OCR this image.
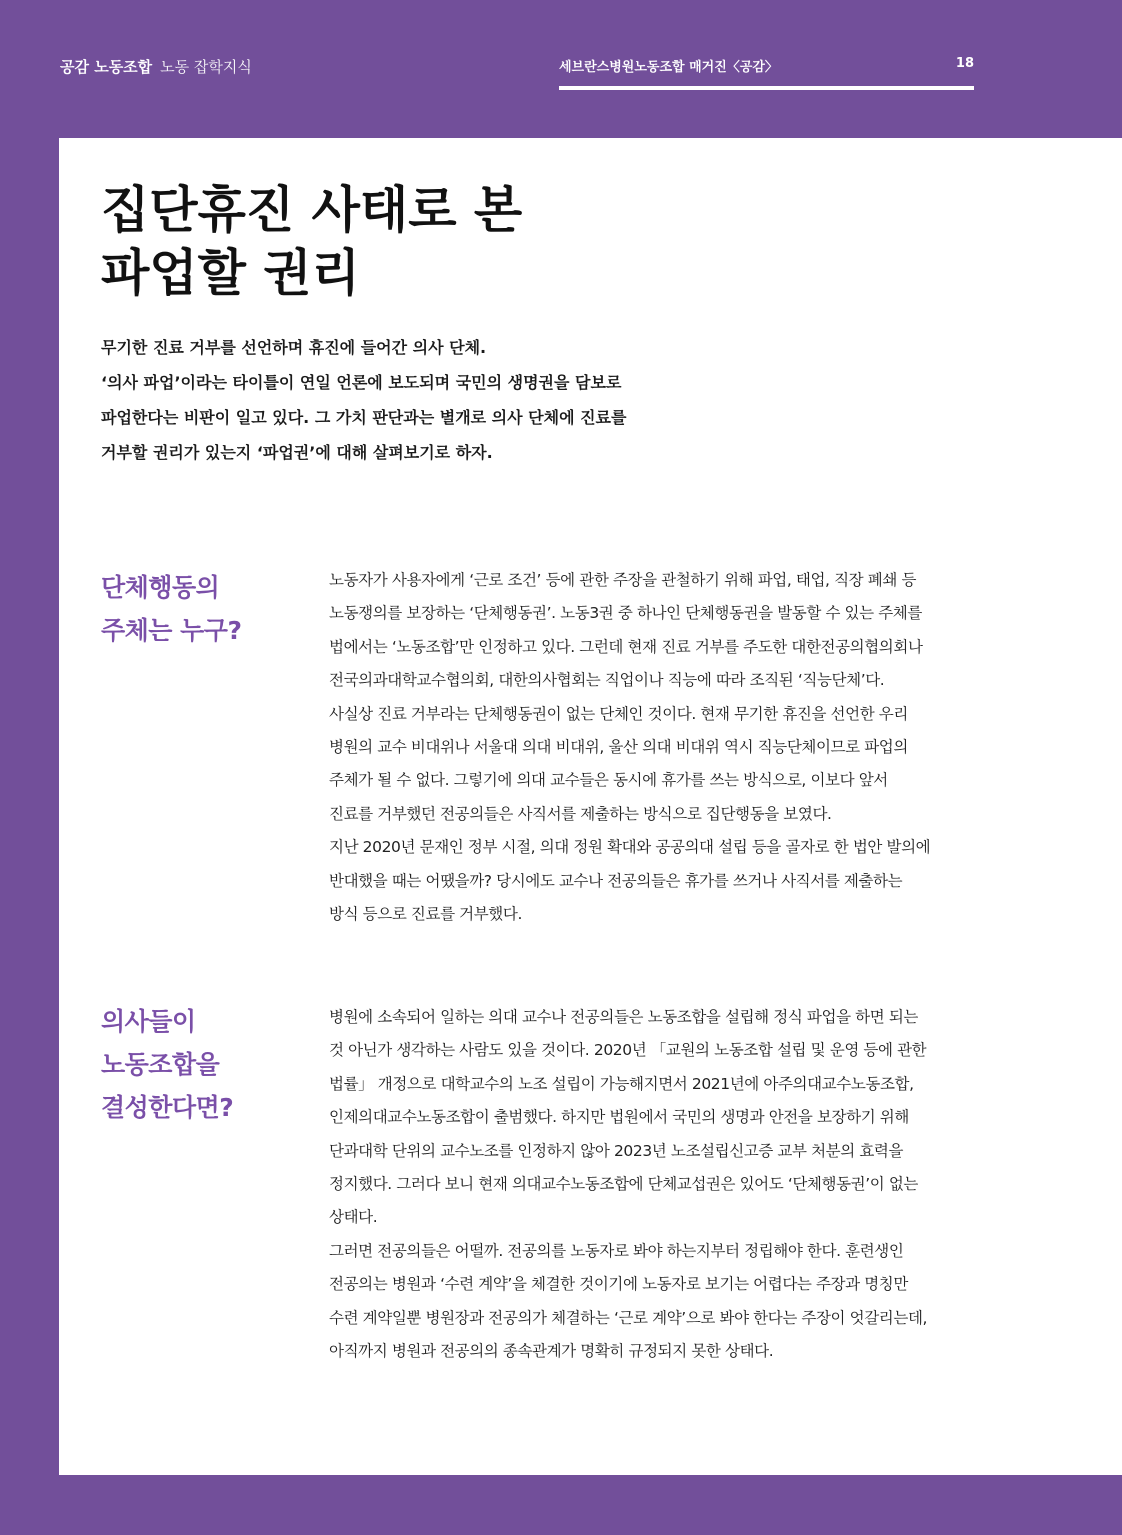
공감 노동조합 노동 잡학지식	세브란스병원노동조합 매거진〈공감〉	18
집단휴진 사태로 본
파업할 권리
무기한 진료 거부를 선언하며 휴진에 들어간 의사 단체.
‘의사 파업’이라는 타이틀이 연일 언론에 보도되며 국민의 생명권을 담보로
파업한다는 비판이 일고 있다. 그 가치 판단과는 별개로 의사 단체에 진료를
거부할 권리가 있는지 ‘파업권’에 대해 살펴보기로 하자.
단체행동의
주체는 누구?
노동자가 사용자에게 ‘근로 조건’ 등에 관한 주장을 관철하기 위해 파업, 태업, 직장 폐쇄 등
노동쟁의를 보장하는 ‘단체행동권’. 노동3권 중 하나인 단체행동권을 발동할 수 있는 주체를
법에서는 ‘노동조합’만 인정하고 있다. 그런데 현재 진료 거부를 주도한 대한전공의협의회나
전국의과대학교수협의회, 대한의사협회는 직업이나 직능에 따라 조직된 ‘직능단체’다.
사실상 진료 거부라는 단체행동권이 없는 단체인 것이다. 현재 무기한 휴진을 선언한 우리
병원의 교수 비대위나 서울대 의대 비대위, 울산 의대 비대위 역시 직능단체이므로 파업의
주체가 될 수 없다. 그렇기에 의대 교수들은 동시에 휴가를 쓰는 방식으로, 이보다 앞서
진료를 거부했던 전공의들은 사직서를 제출하는 방식으로 집단행동을 보였다.
지난 2020년 문재인 정부 시절, 의대 정원 확대와 공공의대 설립 등을 골자로 한 법안 발의에
반대했을 때는 어땠을까? 당시에도 교수나 전공의들은 휴가를 쓰거나 사직서를 제출하는
방식 등으로 진료를 거부했다.
의사들이
노동조합을
결성한다면?
병원에 소속되어 일하는 의대 교수나 전공의들은 노동조합을 설립해 정식 파업을 하면 되는
것 아닌가 생각하는 사람도 있을 것이다. 2020년 「교원의 노동조합 설립 및 운영 등에 관한
법률」 개정으로 대학교수의 노조 설립이 가능해지면서 2021년에 아주의대교수노동조합,
인제의대교수노동조합이 출범했다. 하지만 법원에서 국민의 생명과 안전을 보장하기 위해
단과대학 단위의 교수노조를 인정하지 않아 2023년 노조설립신고증 교부 처분의 효력을
정지했다. 그러다 보니 현재 의대교수노동조합에 단체교섭권은 있어도 ‘단체행동권’이 없는
상태다.
그러면 전공의들은 어떨까. 전공의를 노동자로 봐야 하는지부터 정립해야 한다. 훈련생인
전공의는 병원과 ‘수련 계약’을 체결한 것이기에 노동자로 보기는 어렵다는 주장과 명칭만
수련 계약일뿐 병원장과 전공의가 체결하는 ‘근로 계약’으로 봐야 한다는 주장이 엇갈리는데,
아직까지 병원과 전공의의 종속관계가 명확히 규정되지 못한 상태다.
